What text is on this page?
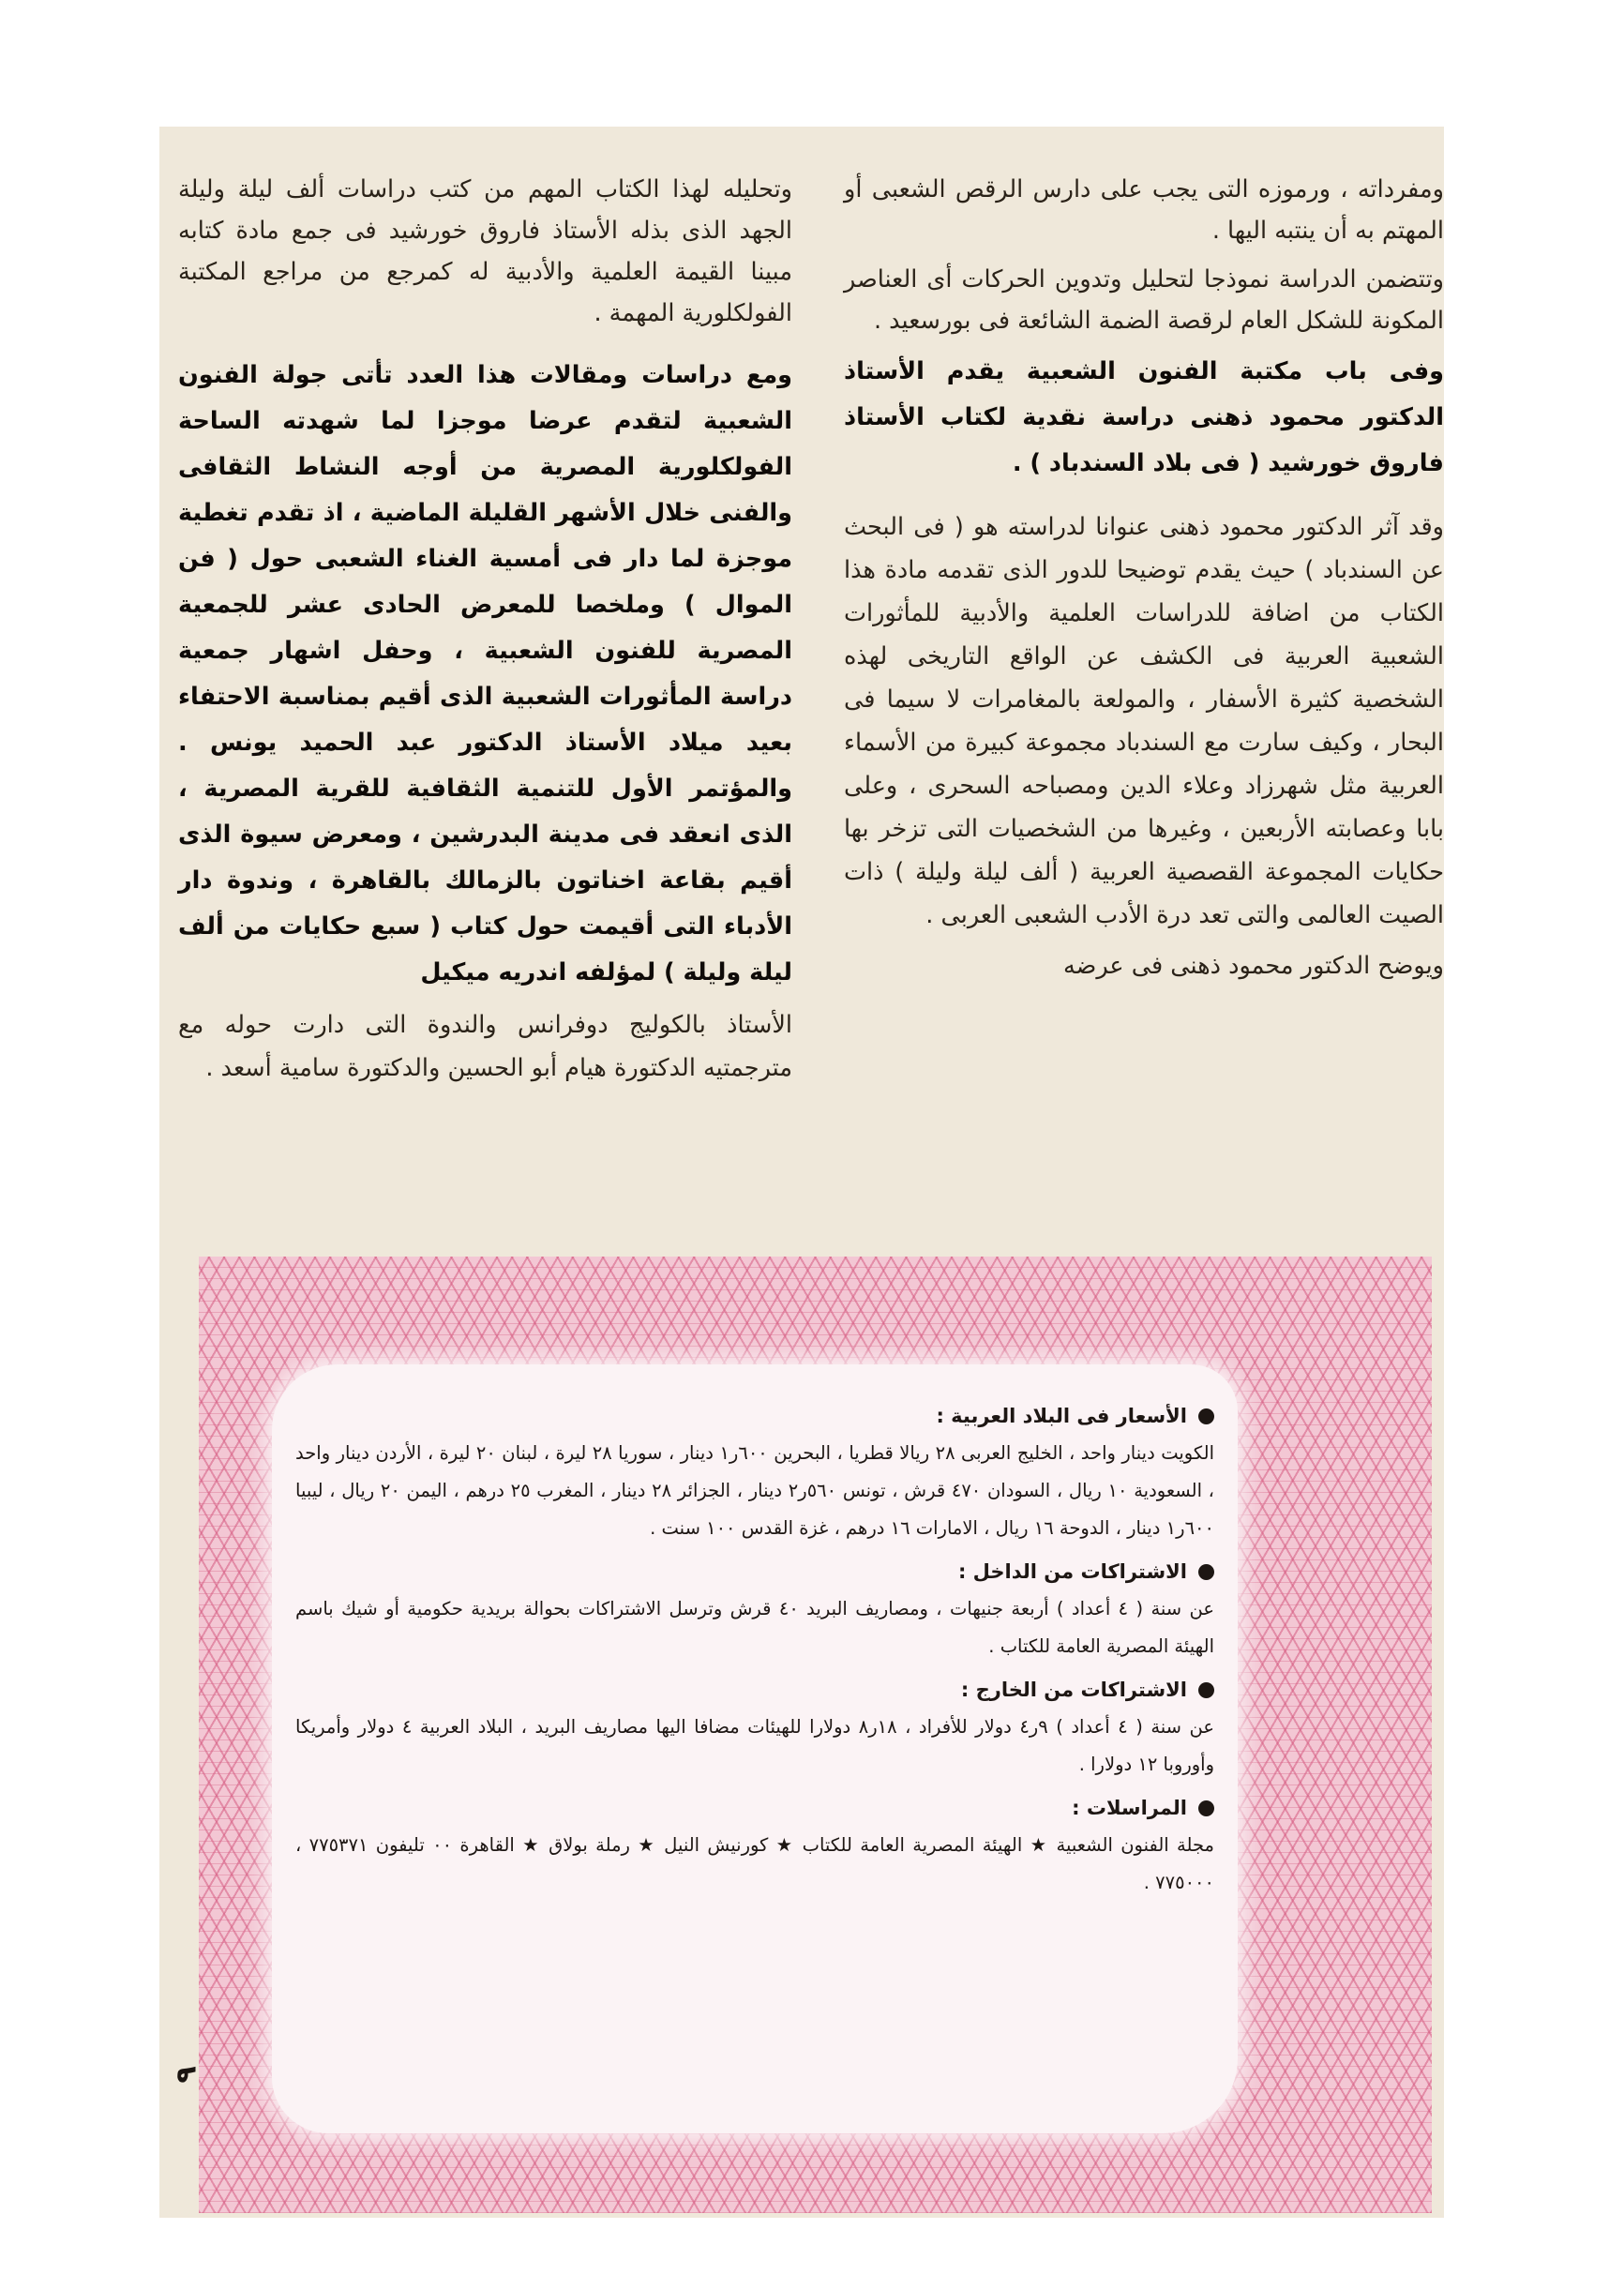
ومفرداته ، ورموزه التى يجب على دارس الرقص الشعبى أو المهتم به أن ينتبه اليها .

وتتضمن الدراسة نموذجا لتحليل وتدوين الحركات أى العناصر المكونة للشكل العام لرقصة الضمة الشائعة فى بورسعيد .

وفى باب مكتبة الفنون الشعبية يقدم الأستاذ الدكتور محمود ذهنى دراسة نقدية لكتاب الأستاذ فاروق خورشيد ( فى بلاد السندباد ) .

وقد آثر الدكتور محمود ذهنى عنوانا لدراسته هو ( فى البحث عن السندباد ) حيث يقدم توضيحا للدور الذى تقدمه مادة هذا الكتاب من اضافة للدراسات العلمية والأدبية للمأثورات الشعبية العربية فى الكشف عن الواقع التاريخى لهذه الشخصية كثيرة الأسفار ، والمولعة بالمغامرات لا سيما فى البحار ، وكيف سارت مع السندباد مجموعة كبيرة من الأسماء العربية مثل شهرزاد وعلاء الدين ومصباحه السحرى ، وعلى بابا وعصابته الأربعين ، وغيرها من الشخصيات التى تزخر بها حكايات المجموعة القصصية العربية ( ألف ليلة وليلة ) ذات الصيت العالمى والتى تعد درة الأدب الشعبى العربى .

ويوضح الدكتور محمود ذهنى فى عرضه

وتحليله لهذا الكتاب المهم من كتب دراسات ألف ليلة وليلة الجهد الذى بذله الأستاذ فاروق خورشيد فى جمع مادة كتابه مبينا القيمة العلمية والأدبية له كمرجع من مراجع المكتبة الفولكلورية المهمة .

ومع دراسات ومقالات هذا العدد تأتى جولة الفنون الشعبية لتقدم عرضا موجزا لما شهدته الساحة الفولكلورية المصرية من أوجه النشاط الثقافى والفنى خلال الأشهر القليلة الماضية ، اذ تقدم تغطية موجزة لما دار فى أمسية الغناء الشعبى حول ( فن الموال ) وملخصا للمعرض الحادى عشر للجمعية المصرية للفنون الشعبية ، وحفل اشهار جمعية دراسة المأثورات الشعبية الذى أقيم بمناسبة الاحتفاء بعيد ميلاد الأستاذ الدكتور عبد الحميد يونس . والمؤتمر الأول للتنمية الثقافية للقرية المصرية ، الذى انعقد فى مدينة البدرشين ، ومعرض سيوة الذى أقيم بقاعة اخناتون بالزمالك بالقاهرة ، وندوة دار الأدباء التى أقيمت حول كتاب ( سبع حكايات من ألف ليلة وليلة ) لمؤلفه اندريه ميكيل

الأستاذ بالكوليج دوفرانس والندوة التى دارت حوله مع مترجمتيه الدكتورة هيام أبو الحسين والدكتورة سامية أسعد .

الأسعار فى البلاد العربية :

الكويت دينار واحد ، الخليج العربى ٢٨ ريالا قطريا ، البحرين ٦٠٠ر١ دينار ، سوريا ٢٨ ليرة ، لبنان ٢٠ ليرة ، الأردن دينار واحد ، السعودية ١٠ ريال ، السودان ٤٧٠ قرش ، تونس ٥٦٠ر٢ دينار ، الجزائر ٢٨ دينار ، المغرب ٢٥ درهم ، اليمن ٢٠ ريال ، ليبيا ٦٠٠ر١ دينار ، الدوحة ١٦ ريال ، الامارات ١٦ درهم ، غزة القدس ١٠٠ سنت .

الاشتراكات من الداخل :

عن سنة ( ٤ أعداد ) أربعة جنيهات ، ومصاريف البريد ٤٠ قرش وترسل الاشتراكات بحوالة بريدية حكومية أو شيك باسم الهيئة المصرية العامة للكتاب .

الاشتراكات من الخارج :

عن سنة ( ٤ أعداد ) ٩ر٤ دولار للأفراد ، ١٨ر٨ دولارا للهيئات مضافا اليها مصاريف البريد ، البلاد العربية ٤ دولار وأمريكا وأوروبا ١٢ دولارا .

المراسلات :

مجلة الفنون الشعبية ★ الهيئة المصرية العامة للكتاب ★ كورنيش النيل ★ رملة بولاق ★ القاهرة ٠٠ تليفون ٧٧٥٣٧١ ، ٧٧٥٠٠٠ .

٩
